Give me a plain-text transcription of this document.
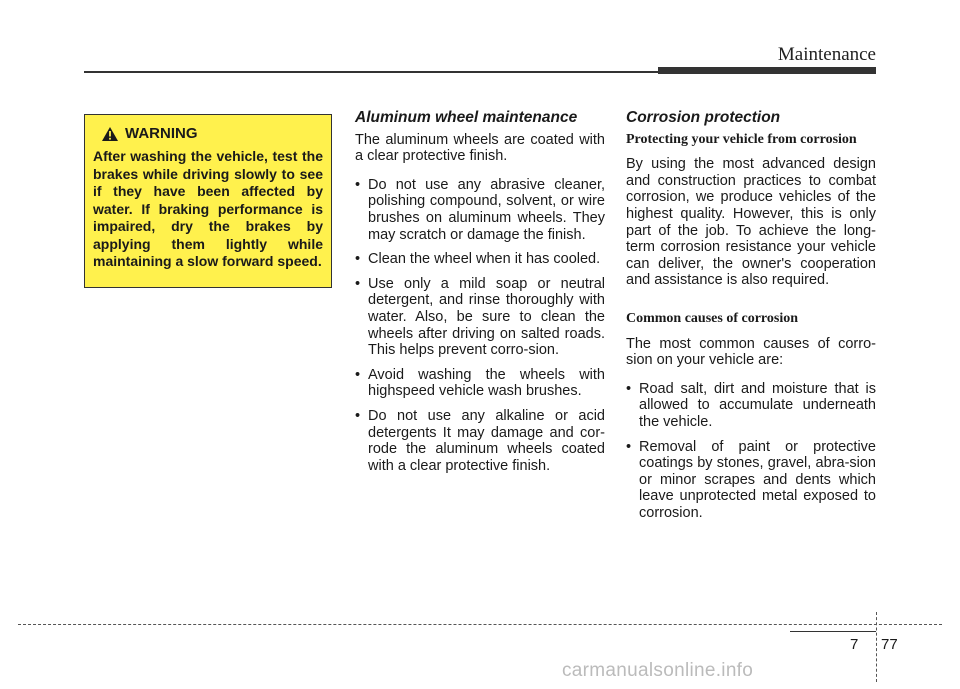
Maintenance
WARNING
After washing the vehicle, test the brakes while driving slowly to see if they have been affected by water. If braking performance is impaired, dry the brakes by applying them lightly while maintaining a slow forward speed.
Aluminum wheel maintenance

The aluminum wheels are coated with a clear protective finish.

• Do not use any abrasive cleaner, polishing compound, solvent, or wire brushes on aluminum wheels. They may scratch or damage the finish.
• Clean the wheel when it has cooled.
• Use only a mild soap or neutral detergent, and rinse thoroughly with water. Also, be sure to clean the wheels after driving on salted roads. This helps prevent corro-sion.
• Avoid washing the wheels with highspeed vehicle wash brushes.
• Do not use any alkaline or acid detergents It may damage and cor-rode the aluminum wheels coated with a clear protective finish.
Corrosion protection
Protecting your vehicle from corrosion

By using the most advanced design and construction practices to combat corrosion, we produce vehicles of the highest quality. However, this is only part of the job. To achieve the long-term corrosion resistance your vehicle can deliver, the owner's cooperation and assistance is also required.

Common causes of corrosion

The most common causes of corro-sion on your vehicle are:

• Road salt, dirt and moisture that is allowed to accumulate underneath the vehicle.
• Removal of paint or protective coatings by stones, gravel, abra-sion or minor scrapes and dents which leave unprotected metal exposed to corrosion.
7 77
carmanualsonline.info
